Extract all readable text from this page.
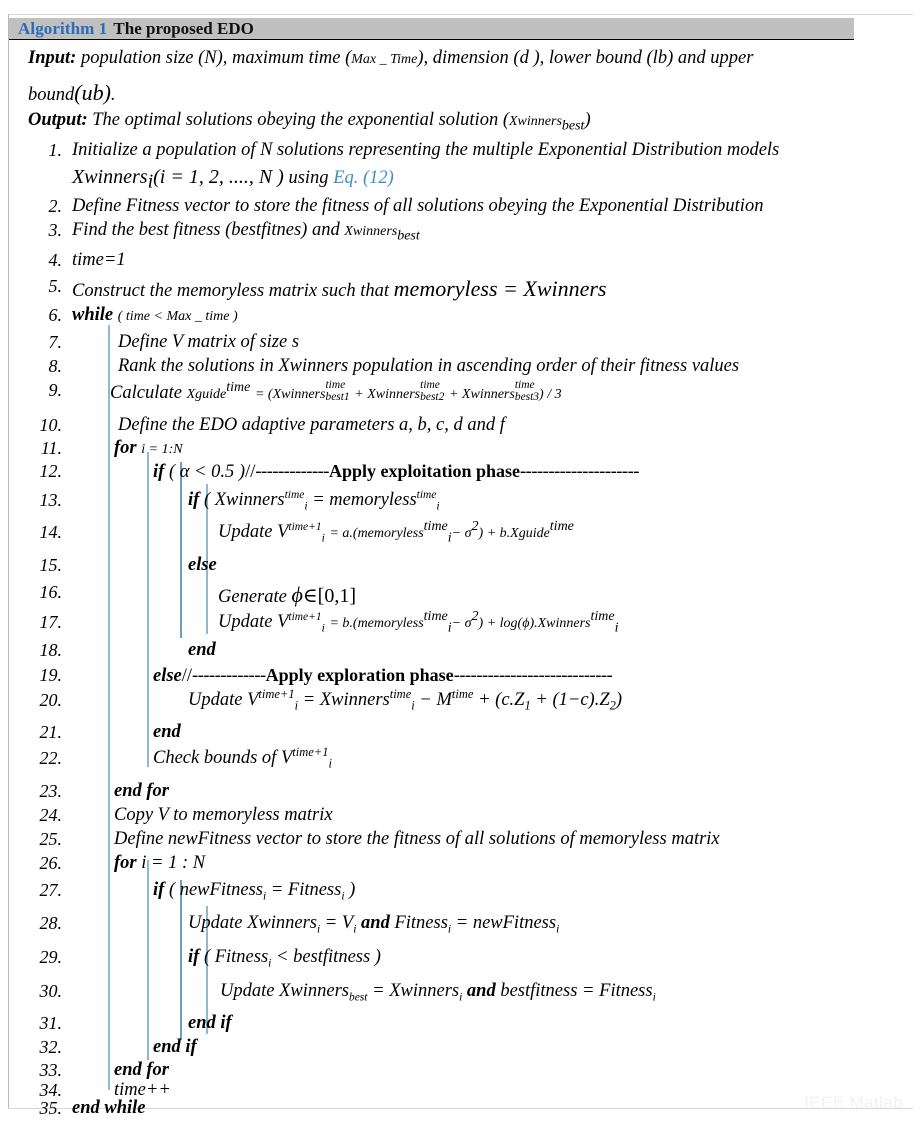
Algorithm 1 The proposed EDO
Input: population size (N), maximum time (Max _ Time), dimension (d ), lower bound (lb) and upper
bound(ub).
Output: The optimal solutions obeying the exponential solution (Xwinners$_{best}$)
1. Initialize a population of N solutions representing the multiple Exponential Distribution models
Xwinners$_i$(i = 1, 2, ...., N ) using Eq. (12)
2. Define Fitness vector to store the fitness of all solutions obeying the Exponential Distribution
3. Find the best fitness (bestfitnes) and Xwinners$_{best}$
4. time=1
5. Construct the memoryless matrix such that memoryless = Xwinners
6. while ( time < Max _ time )
7.	Define V matrix of size s
8.	Rank the solutions in Xwinners population in ascending order of their fitness values
9.	Calculate Xguide$^{time}$ = (Xwinners
time
best1 + Xwinners
time
best2 + Xwinners
time
best3 ) / 3
10.	Define the EDO adaptive parameters a, b, c, d and f
11.	for i = 1:N
12.	if ( α < 0.5 )//-------------Apply exploitation phase---------------------
13.	if ( Xwinners$^{time}_i$ = memoryless$^{time}_i$
14.	Update $V^{time+1}_i$ = a.(memoryless$^{time}_i$− $\sigma^2$) + b.Xguide$^{time}$
15.	else
16.	Generate ϕ∈[0,1]
17.	Update $V^{time+1}_i$ = b.(memoryless$^{time}_i$− $\sigma^2$) + log(ϕ).Xwinners$^{time}_i$
18.	end
19.	else//-------------Apply exploration phase----------------------------
20.	Update $V^{time+1}_i$ = Xwinners$^{time}_i$ − $M^{time} + (c.Z_1 + (1-c).Z_2)$
21.	end
22.	Check bounds of $V^{time+1}_i$
23.	end for
24.	Copy V to memoryless matrix
25.	Define newFitness vector to store the fitness of all solutions of memoryless matrix
26.	for i = 1 : N
27.	if ( newFitness$_i$ = Fitness$_i$ )
28.	Update Xwinners$_i$ = $V_i$ and Fitness$_i$ = newFitness$_i$
29.	if ( Fitness$_i$ < bestfitness )
30.	Update Xwinners$_{best}$ = Xwinners$_i$ and bestfitness = Fitness$_i$
31.	end if
32.	end if
33.	end for
34.	time++
35. end while	IEEE Matlab
